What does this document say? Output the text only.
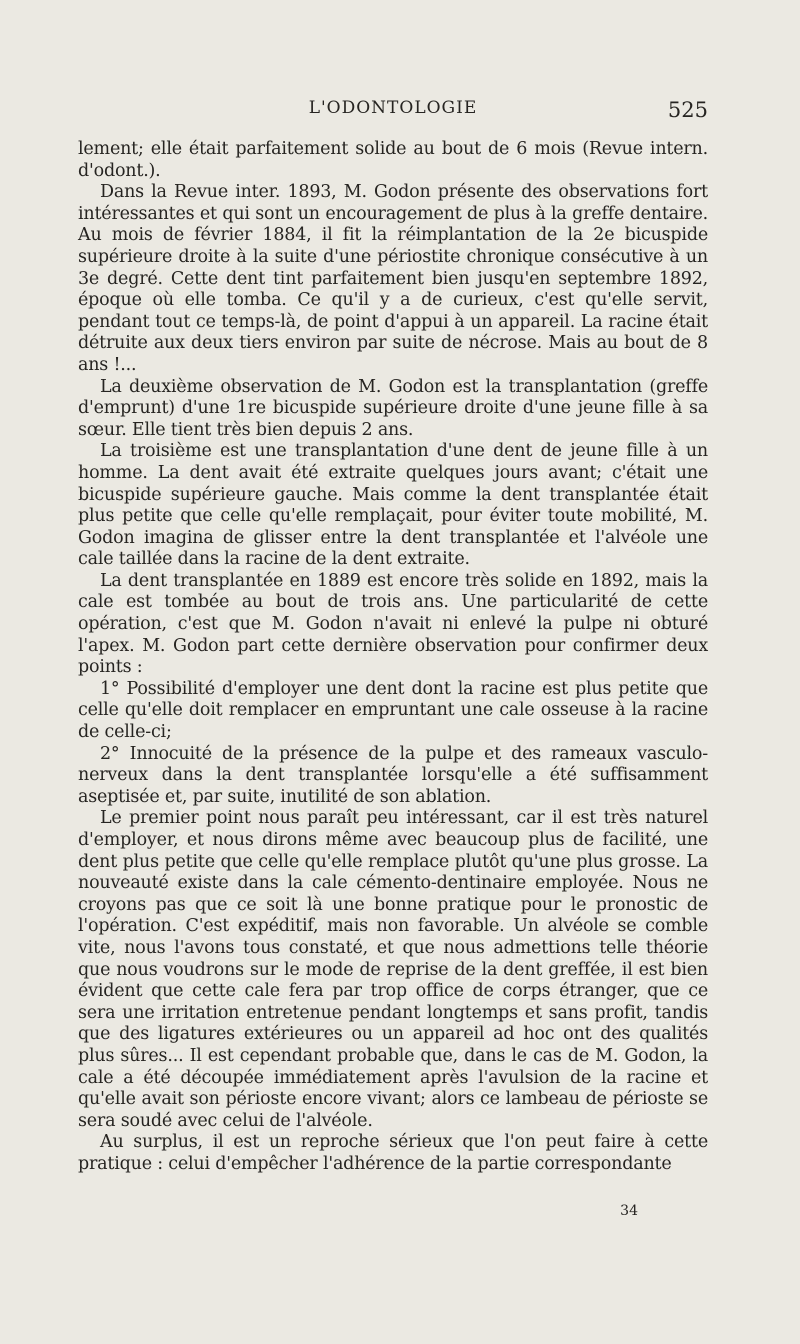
L'ODONTOLOGIE	525

lement; elle était parfaitement solide au bout de 6 mois (Revue intern. d'odont.).

Dans la Revue inter. 1893, M. Godon présente des observations fort intéressantes et qui sont un encouragement de plus à la greffe dentaire. Au mois de février 1884, il fit la réimplantation de la 2e bicuspide supérieure droite à la suite d'une périostite chronique consécutive à un 3e degré. Cette dent tint parfaitement bien jusqu'en septembre 1892, époque où elle tomba. Ce qu'il y a de curieux, c'est qu'elle servit, pendant tout ce temps-là, de point d'appui à un appareil. La racine était détruite aux deux tiers environ par suite de nécrose. Mais au bout de 8 ans !...

La deuxième observation de M. Godon est la transplantation (greffe d'emprunt) d'une 1re bicuspide supérieure droite d'une jeune fille à sa sœur. Elle tient très bien depuis 2 ans.

La troisième est une transplantation d'une dent de jeune fille à un homme. La dent avait été extraite quelques jours avant; c'était une bicuspide supérieure gauche. Mais comme la dent transplantée était plus petite que celle qu'elle remplaçait, pour éviter toute mobilité, M. Godon imagina de glisser entre la dent transplantée et l'alvéole une cale taillée dans la racine de la dent extraite.

La dent transplantée en 1889 est encore très solide en 1892, mais la cale est tombée au bout de trois ans. Une particularité de cette opération, c'est que M. Godon n'avait ni enlevé la pulpe ni obturé l'apex. M. Godon part cette dernière observation pour confirmer deux points :

1° Possibilité d'employer une dent dont la racine est plus petite que celle qu'elle doit remplacer en empruntant une cale osseuse à la racine de celle-ci;

2° Innocuité de la présence de la pulpe et des rameaux vasculo-nerveux dans la dent transplantée lorsqu'elle a été suffisamment aseptisée et, par suite, inutilité de son ablation.

Le premier point nous paraît peu intéressant, car il est très naturel d'employer, et nous dirons même avec beaucoup plus de facilité, une dent plus petite que celle qu'elle remplace plutôt qu'une plus grosse. La nouveauté existe dans la cale cémento-dentinaire employée. Nous ne croyons pas que ce soit là une bonne pratique pour le pronostic de l'opération. C'est expéditif, mais non favorable. Un alvéole se comble vite, nous l'avons tous constaté, et que nous admettions telle théorie que nous voudrons sur le mode de reprise de la dent greffée, il est bien évident que cette cale fera par trop office de corps étranger, que ce sera une irritation entretenue pendant longtemps et sans profit, tandis que des ligatures extérieures ou un appareil ad hoc ont des qualités plus sûres... Il est cependant probable que, dans le cas de M. Godon, la cale a été découpée immédiatement après l'avulsion de la racine et qu'elle avait son périoste encore vivant; alors ce lambeau de périoste se sera soudé avec celui de l'alvéole.

Au surplus, il est un reproche sérieux que l'on peut faire à cette pratique : celui d'empêcher l'adhérence de la partie correspondante

34
